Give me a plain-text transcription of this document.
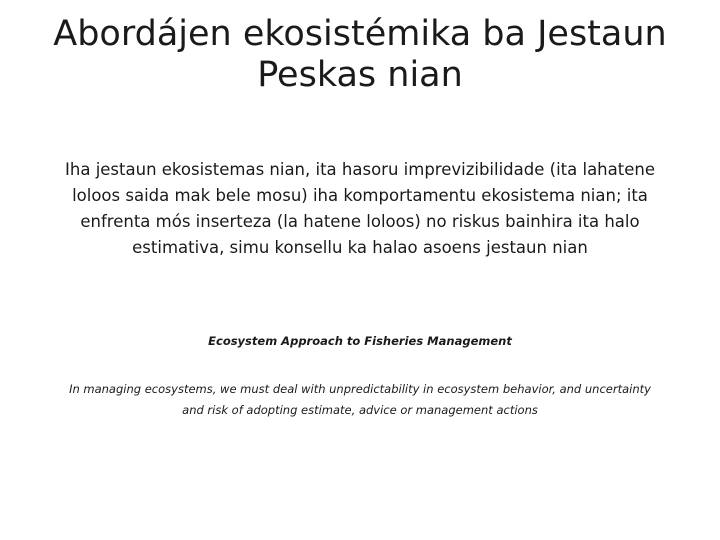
Abordájen ekosistémika ba Jestaun
Peskas nian

Iha jestaun ekosistemas nian, ita hasoru imprevizibilidade (ita lahatene
loloos saida mak bele mosu) iha komportamentu ekosistema nian; ita
enfrenta mós inserteza (la hatene loloos) no riskus bainhira ita halo
estimativa, simu konsellu ka halao asoens jestaun nian

Ecosystem Approach to Fisheries Management

In managing ecosystems, we must deal with unpredictability in ecosystem behavior, and uncertainty
and risk of adopting estimate, advice or management actions
